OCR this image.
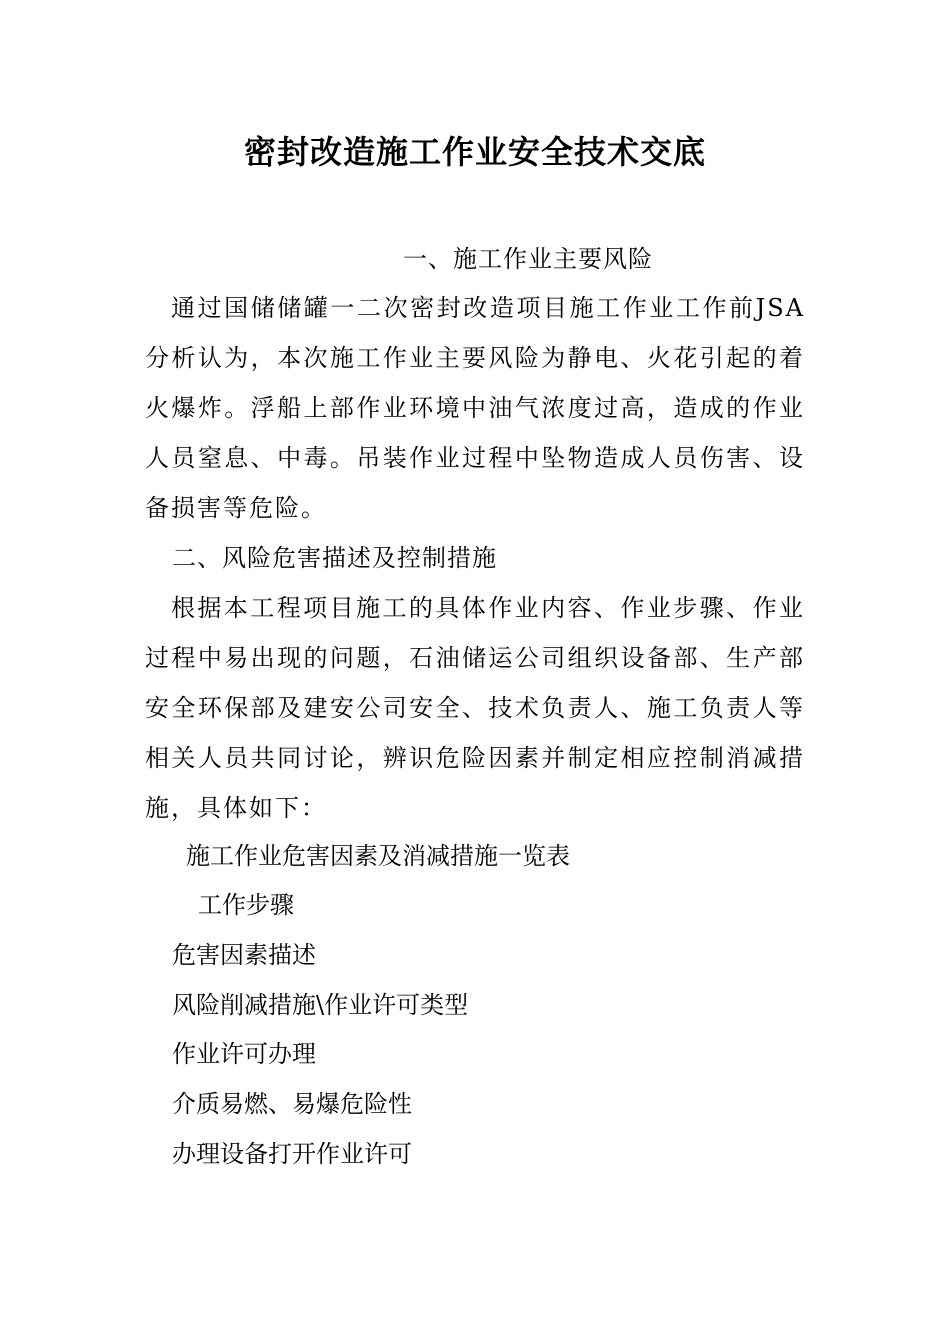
密封改造施工作业安全技术交底

一、施工作业主要风险

通过国储储罐一二次密封改造项目施工作业工作前JSA分析认为，本次施工作业主要风险为静电、火花引起的着火爆炸。浮船上部作业环境中油气浓度过高，造成的作业人员窒息、中毒。吊装作业过程中坠物造成人员伤害、设备损害等危险。

二、风险危害描述及控制措施

根据本工程项目施工的具体作业内容、作业步骤、作业过程中易出现的问题，石油储运公司组织设备部、生产部安全环保部及建安公司安全、技术负责人、施工负责人等相关人员共同讨论，辨识危险因素并制定相应控制消减措施，具体如下：

施工作业危害因素及消减措施一览表

工作步骤

危害因素描述

风险削减措施\作业许可类型

作业许可办理

介质易燃、易爆危险性

办理设备打开作业许可
